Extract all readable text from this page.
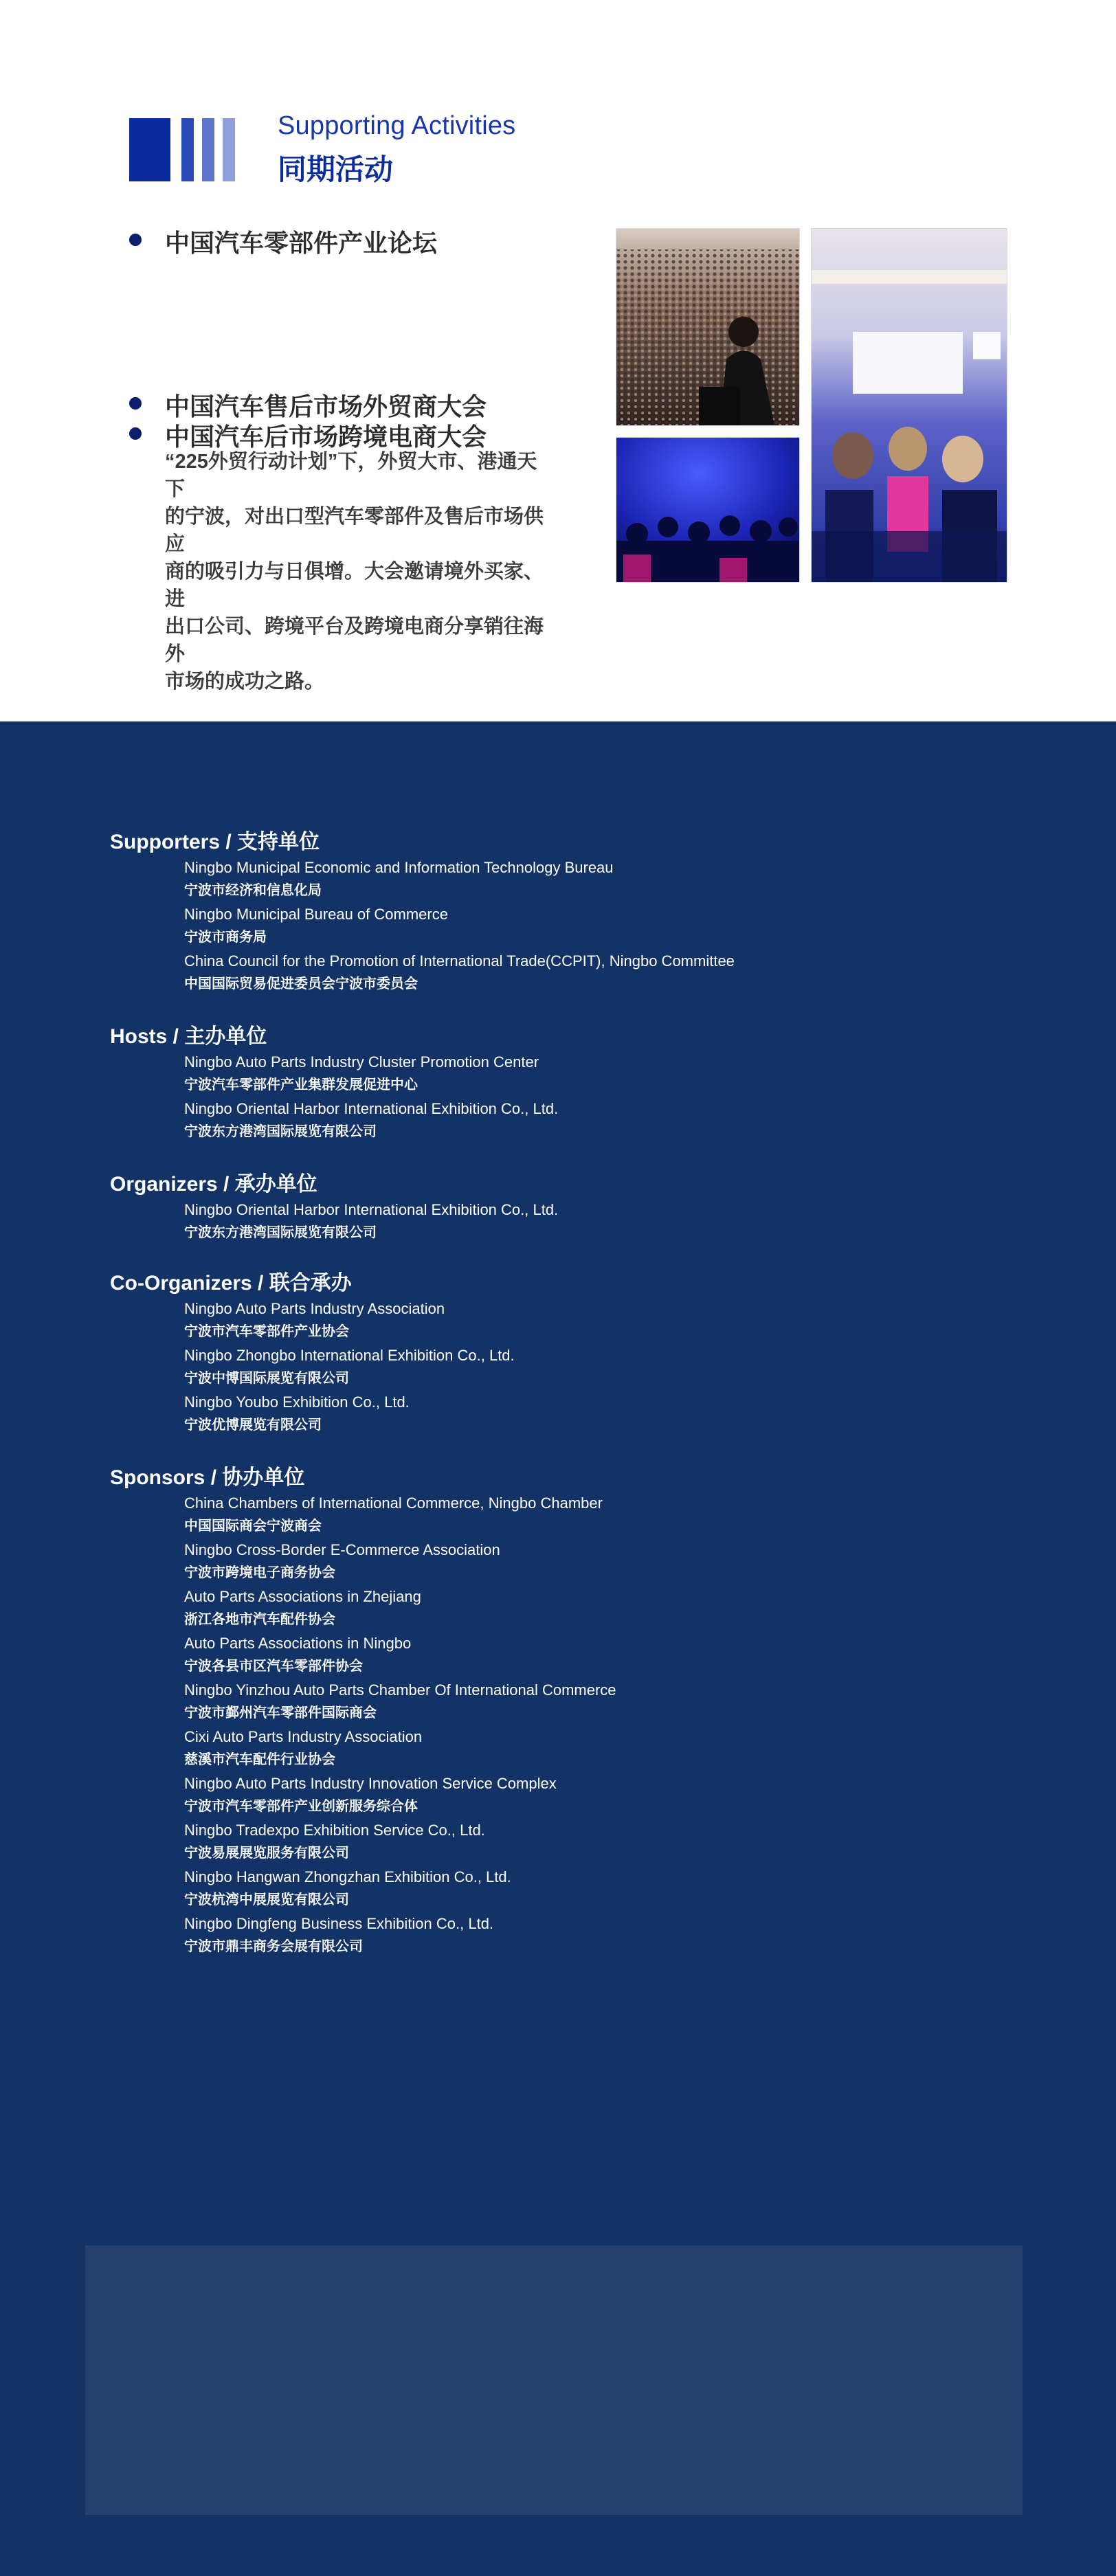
Supporting Activities
同期活动
中国汽车零部件产业论坛
中国汽车售后市场外贸商大会
中国汽车后市场跨境电商大会
“225外贸行动计划”下，外贸大市、港通天下
的宁波，对出口型汽车零部件及售后市场供应
商的吸引力与日俱增。大会邀请境外买家、进
出口公司、跨境平台及跨境电商分享销往海外
市场的成功之路。
Supporters / 支持单位
Ningbo Municipal Economic and Information Technology Bureau
宁波市经济和信息化局
Ningbo Municipal Bureau of Commerce
宁波市商务局
China Council for the Promotion of International Trade(CCPIT), Ningbo Committee
中国国际贸易促进委员会宁波市委员会
Hosts / 主办单位
Ningbo Auto Parts Industry Cluster Promotion Center
宁波汽车零部件产业集群发展促进中心
Ningbo Oriental Harbor International Exhibition Co., Ltd.
宁波东方港湾国际展览有限公司
Organizers / 承办单位
Ningbo Oriental Harbor International Exhibition Co., Ltd.
宁波东方港湾国际展览有限公司
Co-Organizers / 联合承办
Ningbo Auto Parts Industry Association
宁波市汽车零部件产业协会
Ningbo Zhongbo International Exhibition Co., Ltd.
宁波中博国际展览有限公司
Ningbo Youbo Exhibition Co., Ltd.
宁波优博展览有限公司
Sponsors / 协办单位
China Chambers of International Commerce, Ningbo Chamber
中国国际商会宁波商会
Ningbo Cross-Border E-Commerce Association
宁波市跨境电子商务协会
Auto Parts Associations in Zhejiang
浙江各地市汽车配件协会
Auto Parts Associations in Ningbo
宁波各县市区汽车零部件协会
Ningbo Yinzhou Auto Parts Chamber Of International Commerce
宁波市鄞州汽车零部件国际商会
Cixi Auto Parts Industry Association
慈溪市汽车配件行业协会
Ningbo Auto Parts Industry Innovation Service Complex
宁波市汽车零部件产业创新服务综合体
Ningbo Tradexpo Exhibition Service Co., Ltd.
宁波易展展览服务有限公司
Ningbo Hangwan Zhongzhan Exhibition Co., Ltd.
宁波杭湾中展展览有限公司
Ningbo Dingfeng Business Exhibition Co., Ltd.
宁波市鼎丰商务会展有限公司
